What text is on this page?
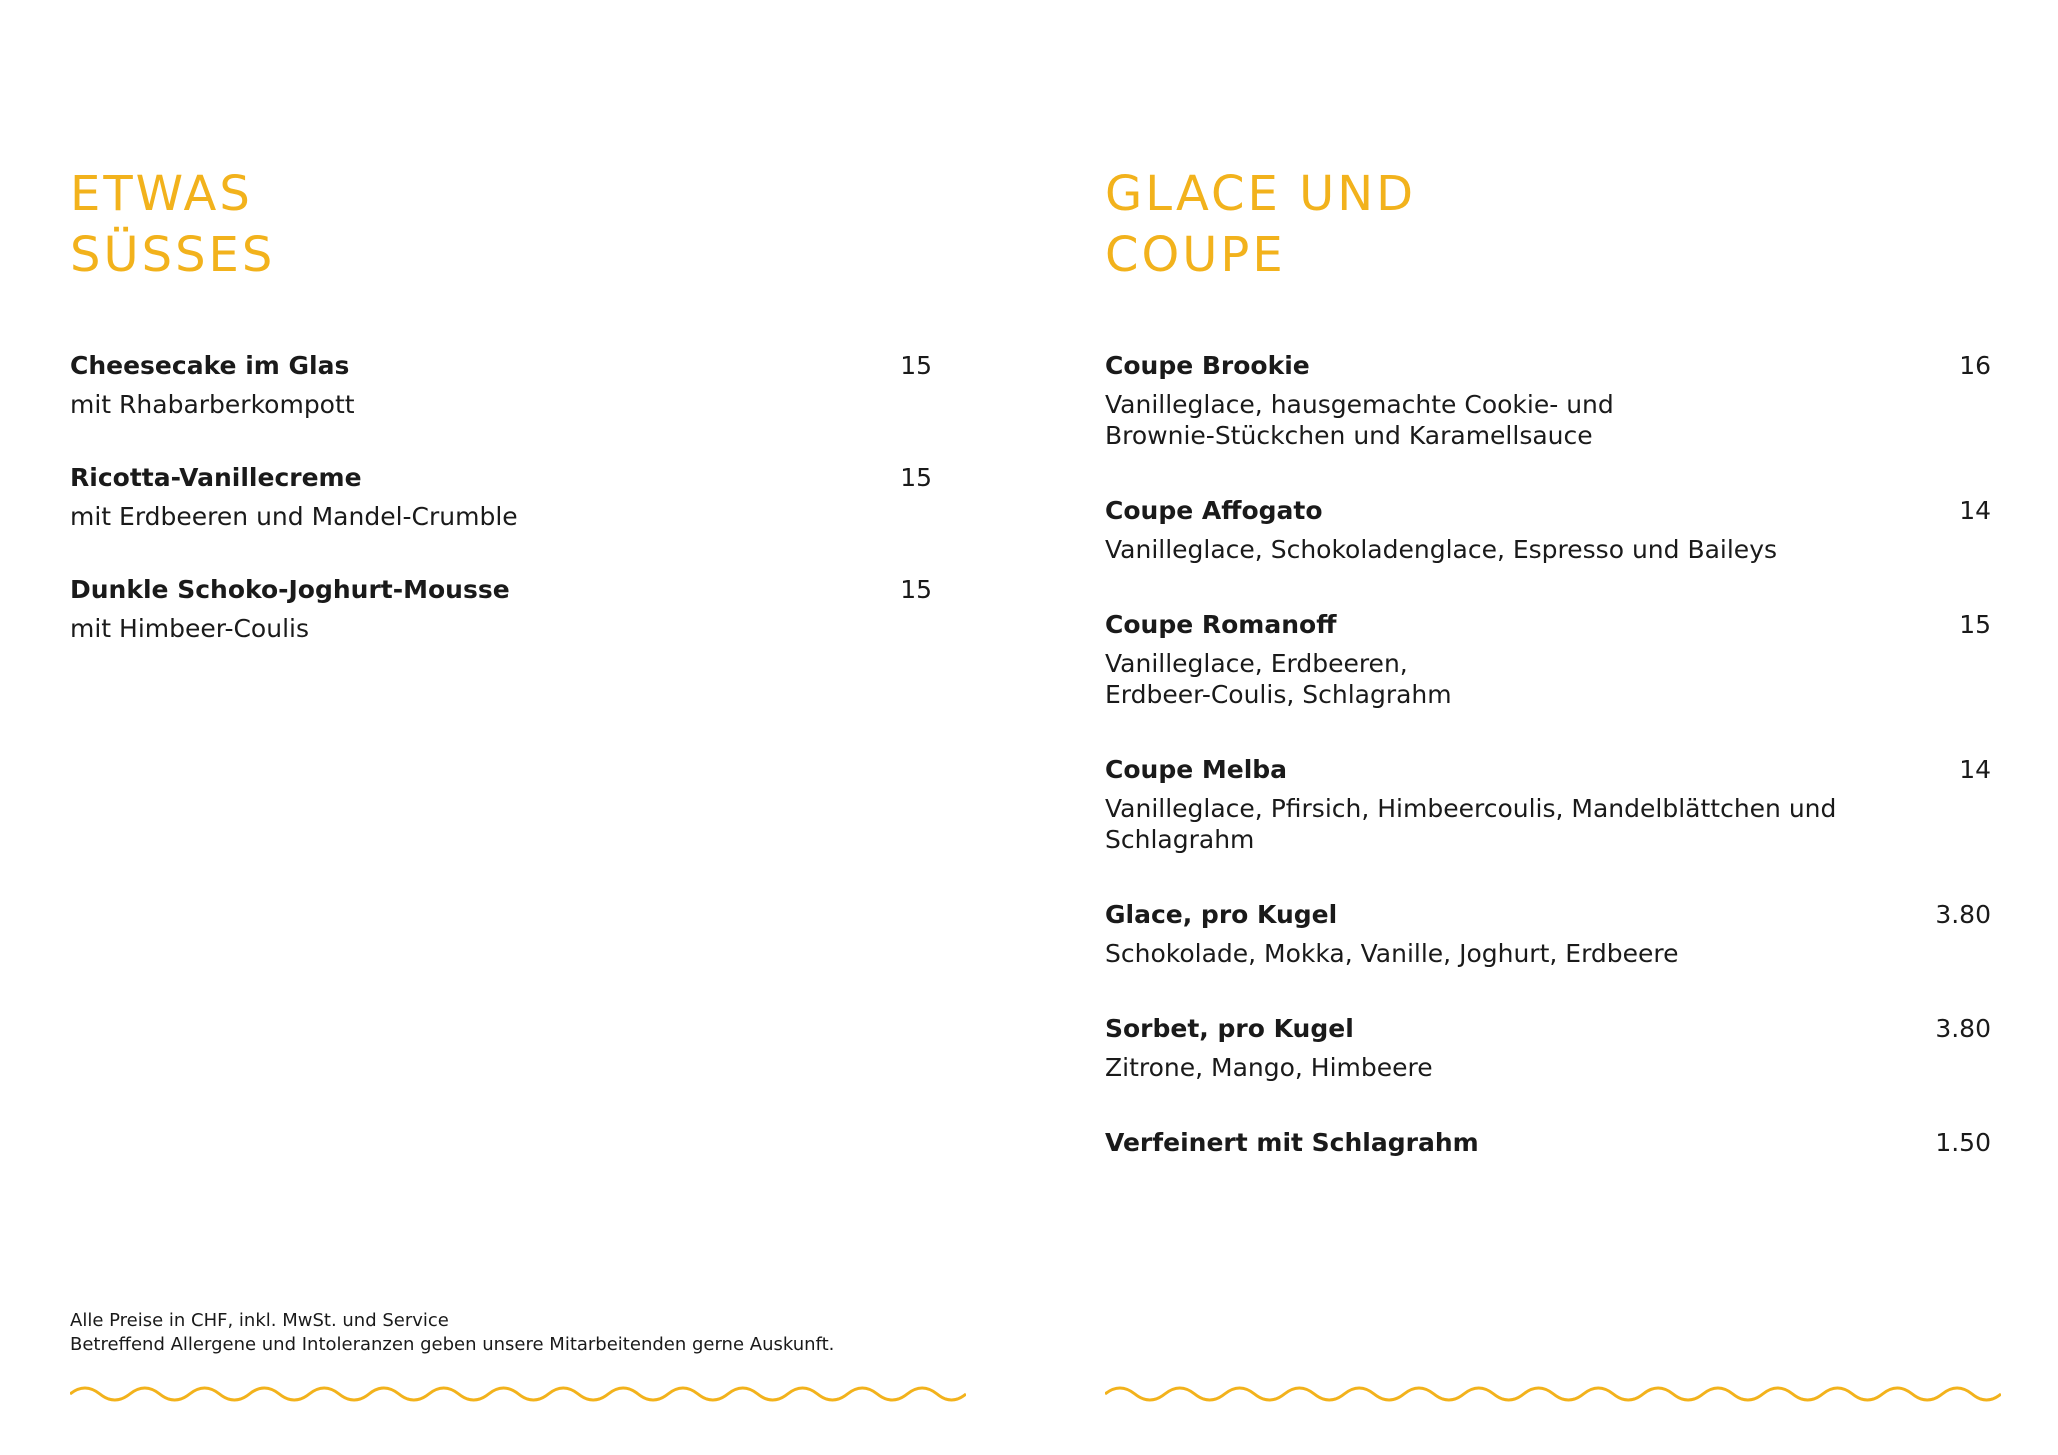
ETWAS
SÜSSES
Cheesecake im Glas	15
mit Rhabarberkompott
Ricotta-Vanillecreme	15
mit Erdbeeren und Mandel-Crumble
Dunkle Schoko-Joghurt-Mousse	15
mit Himbeer-Coulis
GLACE UND
COUPE
Coupe Brookie	16
Vanilleglace, hausgemachte Cookie- und
Brownie-Stückchen und Karamellsauce
Coupe Affogato	14
Vanilleglace, Schokoladenglace, Espresso und Baileys
Coupe Romanoff	15
Vanilleglace, Erdbeeren,
Erdbeer-Coulis, Schlagrahm
Coupe Melba	14
Vanilleglace, Pfirsich, Himbeercoulis, Mandelblättchen und
Schlagrahm
Glace, pro Kugel	3.80
Schokolade, Mokka, Vanille, Joghurt, Erdbeere
Sorbet, pro Kugel	3.80
Zitrone, Mango, Himbeere
Verfeinert mit Schlagrahm	1.50
Alle Preise in CHF, inkl. MwSt. und Service
Betreffend Allergene und Intoleranzen geben unsere Mitarbeitenden gerne Auskunft.
